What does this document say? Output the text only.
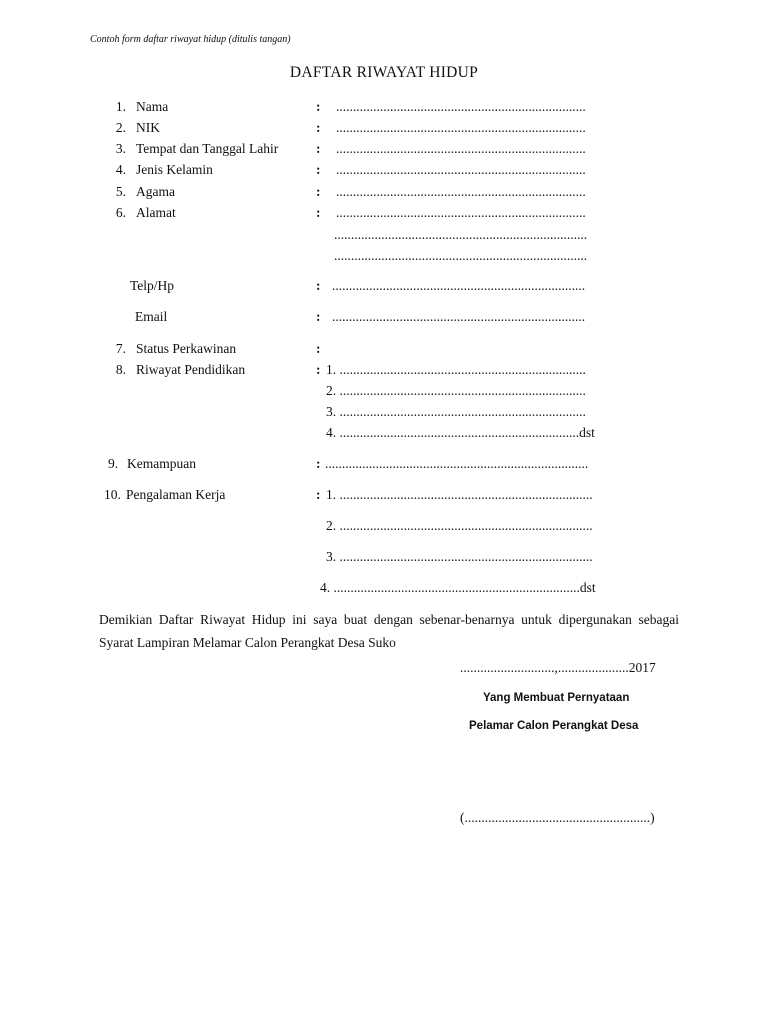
Contoh form daftar riwayat hidup (ditulis tangan)
DAFTAR RIWAYAT HIDUP
1. Nama	: ..........................................................................
2. NIK	: ..........................................................................
3. Tempat dan Tanggal Lahir	: ..........................................................................
4. Jenis Kelamin	: ..........................................................................
5. Agama	: ..........................................................................
6. Alamat	: ..........................................................................
...........................................................................
...........................................................................
Telp/Hp	: ...........................................................................
Email	: ...........................................................................
7. Status Perkawinan	:
8. Riwayat Pendidikan	: 1. .........................................................................
2. .........................................................................
3. .........................................................................
4. .......................................................................dst
9. Kemampuan	: ..............................................................................
10. Pengalaman Kerja	: 1. ...........................................................................
2. ...........................................................................
3. ...........................................................................
4. .........................................................................dst
Demikian Daftar Riwayat Hidup ini saya buat dengan sebenar-benarnya untuk dipergunakan sebagai Syarat Lampiran Melamar Calon Perangkat Desa Suko
............................,.....................2017
Yang Membuat Pernyataan
Pelamar Calon Perangkat Desa
(.......................................................)
